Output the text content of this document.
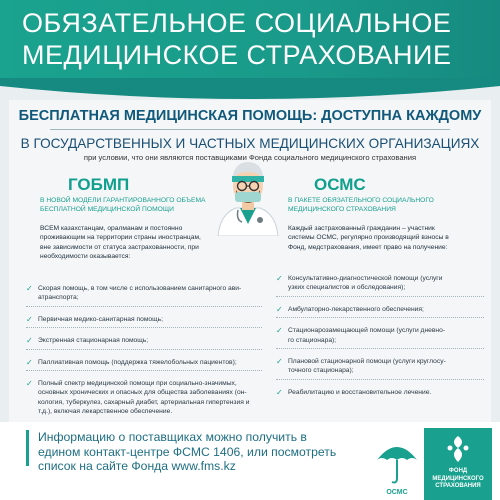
ОБЯЗАТЕЛЬНОЕ СОЦИАЛЬНОЕ
МЕДИЦИНСКОЕ СТРАХОВАНИЕ
БЕСПЛАТНАЯ МЕДИЦИНСКАЯ ПОМОЩЬ: ДОСТУПНА КАЖДОМУ
В ГОСУДАРСТВЕННЫХ И ЧАСТНЫХ МЕДИЦИНСКИХ ОРГАНИЗАЦИЯХ
при условии, что они являются поставщиками Фонда социального медицинского страхования
ГОБМП
В НОВОЙ МОДЕЛИ ГАРАНТИРОВАННОГО ОБЪЕМА
БЕСПЛАТНОЙ МЕДИЦИНСКОЙ ПОМОЩИ
ВСЕМ казахстанцам, оралманам и постоянно
проживающим на территории страны иностранцам,
вне зависимости от статуса застрахованности, при
необходимости оказывается:
✓ Скорая помощь, в том числе с использованием санитарного ави-
атранспорта;
✓ Первичная медико-санитарная помощь;
✓ Экстренная стационарная помощь;
✓ Паллиативная помощь (поддержка тяжелобольных пациентов);
✓ Полный спектр медицинской помощи при социально-значимых,
основных хронических и опасных для общества заболеваниях (он-
кология, туберкулез, сахарный диабет, артериальная гипертензия и
т.д.), включая лекарственное обеспечение.
ОСМС
В ПАКЕТЕ ОБЯЗАТЕЛЬНОГО СОЦИАЛЬНОГО
МЕДИЦИНСКОГО СТРАХОВАНИЯ
Каждый застрахованный гражданин – участник
системы ОСМС, регулярно производящий взносы в
Фонд, медстрахования, имеет право на получение:
✓ Консультативно-диагностической помощи (услуги
узких специалистов и обследования);
✓ Амбулаторно-лекарственного обеспечения;
✓ Стационарозамещающей помощи (услуги дневно-
го стационара);
✓ Плановой стационарной помощи (услуги круглосу-
точного стационара);
✓ Реабилитацию и восстановительное лечение.
Информацию о поставщиках можно получить в
едином контакт-центре ФСМС 1406, или посмотреть
список на сайте Фонда www.fms.kz
ОСМС
ФОНД
МЕДИЦИНСКОГО
СТРАХОВАНИЯ
